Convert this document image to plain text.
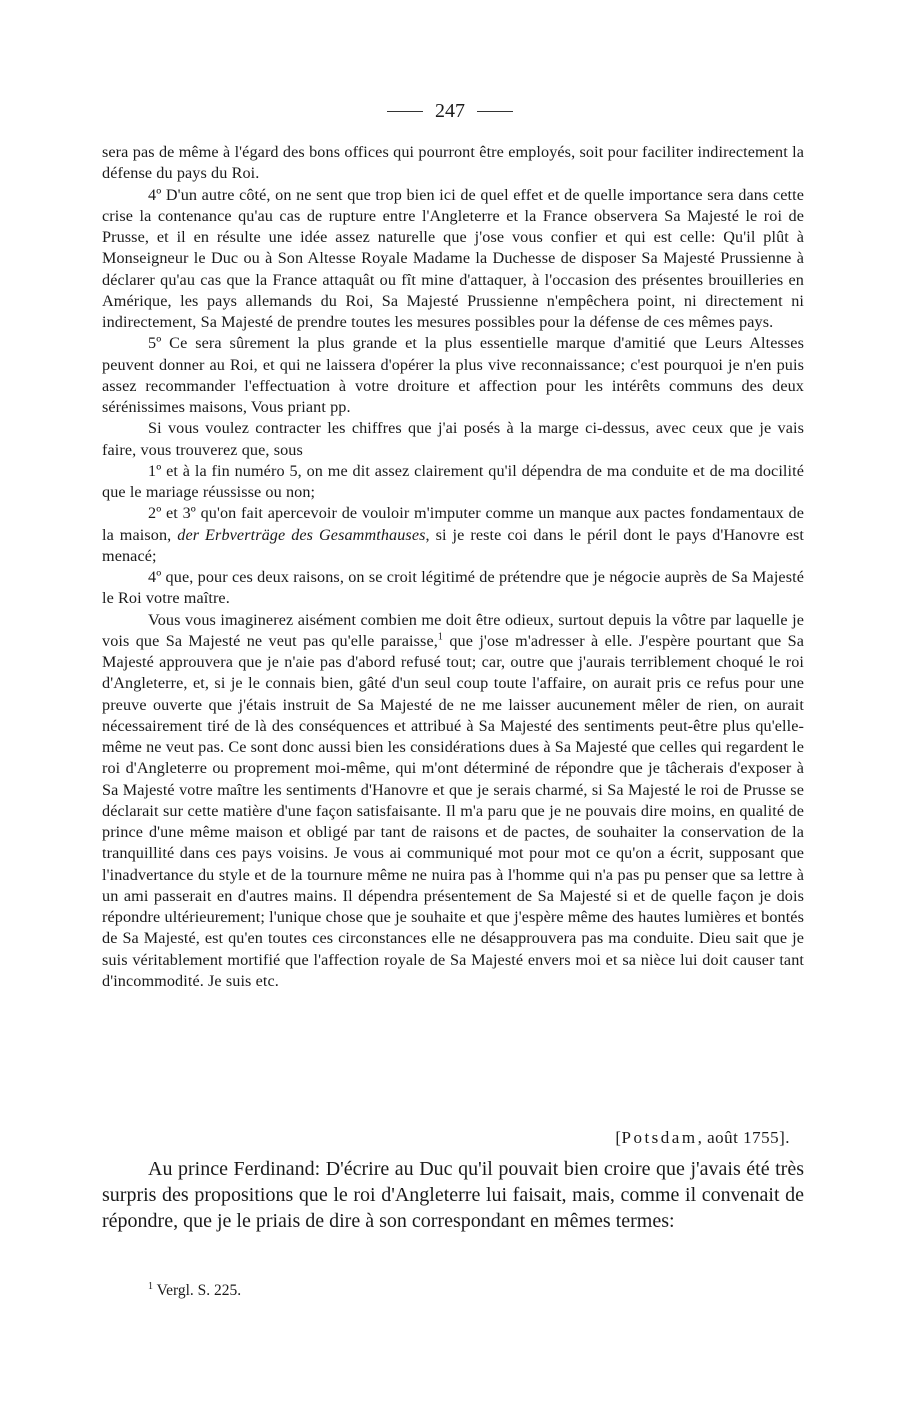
247

sera pas de même à l'égard des bons offices qui pourront être employés, soit pour faciliter indirectement la défense du pays du Roi.

4º D'un autre côté, on ne sent que trop bien ici de quel effet et de quelle importance sera dans cette crise la contenance qu'au cas de rupture entre l'Angleterre et la France observera Sa Majesté le roi de Prusse, et il en résulte une idée assez naturelle que j'ose vous confier et qui est celle: Qu'il plût à Monseigneur le Duc ou à Son Altesse Royale Madame la Duchesse de disposer Sa Majesté Prussienne à déclarer qu'au cas que la France attaquât ou fît mine d'attaquer, à l'occasion des présentes brouilleries en Amérique, les pays allemands du Roi, Sa Majesté Prussienne n'empêchera point, ni directement ni indirectement, Sa Majesté de prendre toutes les mesures possibles pour la défense de ces mêmes pays.

5º Ce sera sûrement la plus grande et la plus essentielle marque d'amitié que Leurs Altesses peuvent donner au Roi, et qui ne laissera d'opérer la plus vive reconnaissance; c'est pourquoi je n'en puis assez recommander l'effectuation à votre droiture et affection pour les intérêts communs des deux sérénissimes maisons, Vous priant pp.

Si vous voulez contracter les chiffres que j'ai posés à la marge ci-dessus, avec ceux que je vais faire, vous trouverez que, sous

1º et à la fin numéro 5, on me dit assez clairement qu'il dépendra de ma conduite et de ma docilité que le mariage réussisse ou non;

2º et 3º qu'on fait apercevoir de vouloir m'imputer comme un manque aux pactes fondamentaux de la maison, der Erbverträge des Gesammthauses, si je reste coi dans le péril dont le pays d'Hanovre est menacé;

4º que, pour ces deux raisons, on se croit légitimé de prétendre que je négocie auprès de Sa Majesté le Roi votre maître.

Vous vous imaginerez aisément combien me doit être odieux, surtout depuis la vôtre par laquelle je vois que Sa Majesté ne veut pas qu'elle paraisse,$^1$ que j'ose m'adresser à elle. J'espère pourtant que Sa Majesté approuvera que je n'aie pas d'abord refusé tout; car, outre que j'aurais terriblement choqué le roi d'Angleterre, et, si je le connais bien, gâté d'un seul coup toute l'affaire, on aurait pris ce refus pour une preuve ouverte que j'étais instruit de Sa Majesté de ne me laisser aucunement mêler de rien, on aurait nécessairement tiré de là des conséquences et attribué à Sa Majesté des sentiments peut-être plus qu'elle-même ne veut pas. Ce sont donc aussi bien les considérations dues à Sa Majesté que celles qui regardent le roi d'Angleterre ou proprement moi-même, qui m'ont déterminé de répondre que je tâcherais d'exposer à Sa Majesté votre maître les sentiments d'Hanovre et que je serais charmé, si Sa Majesté le roi de Prusse se déclarait sur cette matière d'une façon satisfaisante. Il m'a paru que je ne pouvais dire moins, en qualité de prince d'une même maison et obligé par tant de raisons et de pactes, de souhaiter la conservation de la tranquillité dans ces pays voisins. Je vous ai communiqué mot pour mot ce qu'on a écrit, supposant que l'inadvertance du style et de la tournure même ne nuira pas à l'homme qui n'a pas pu penser que sa lettre à un ami passerait en d'autres mains. Il dépendra présentement de Sa Majesté si et de quelle façon je dois répondre ultérieurement; l'unique chose que je souhaite et que j'espère même des hautes lumières et bontés de Sa Majesté, est qu'en toutes ces circonstances elle ne désapprouvera pas ma conduite. Dieu sait que je suis véritablement mortifié que l'affection royale de Sa Majesté envers moi et sa nièce lui doit causer tant d'incommodité. Je suis etc.

[Potsdam, août 1755].

Au prince Ferdinand: D'écrire au Duc qu'il pouvait bien croire que j'avais été très surpris des propositions que le roi d'Angleterre lui faisait, mais, comme il convenait de répondre, que je le priais de dire à son correspondant en mêmes termes:

$^1$ Vergl. S. 225.
